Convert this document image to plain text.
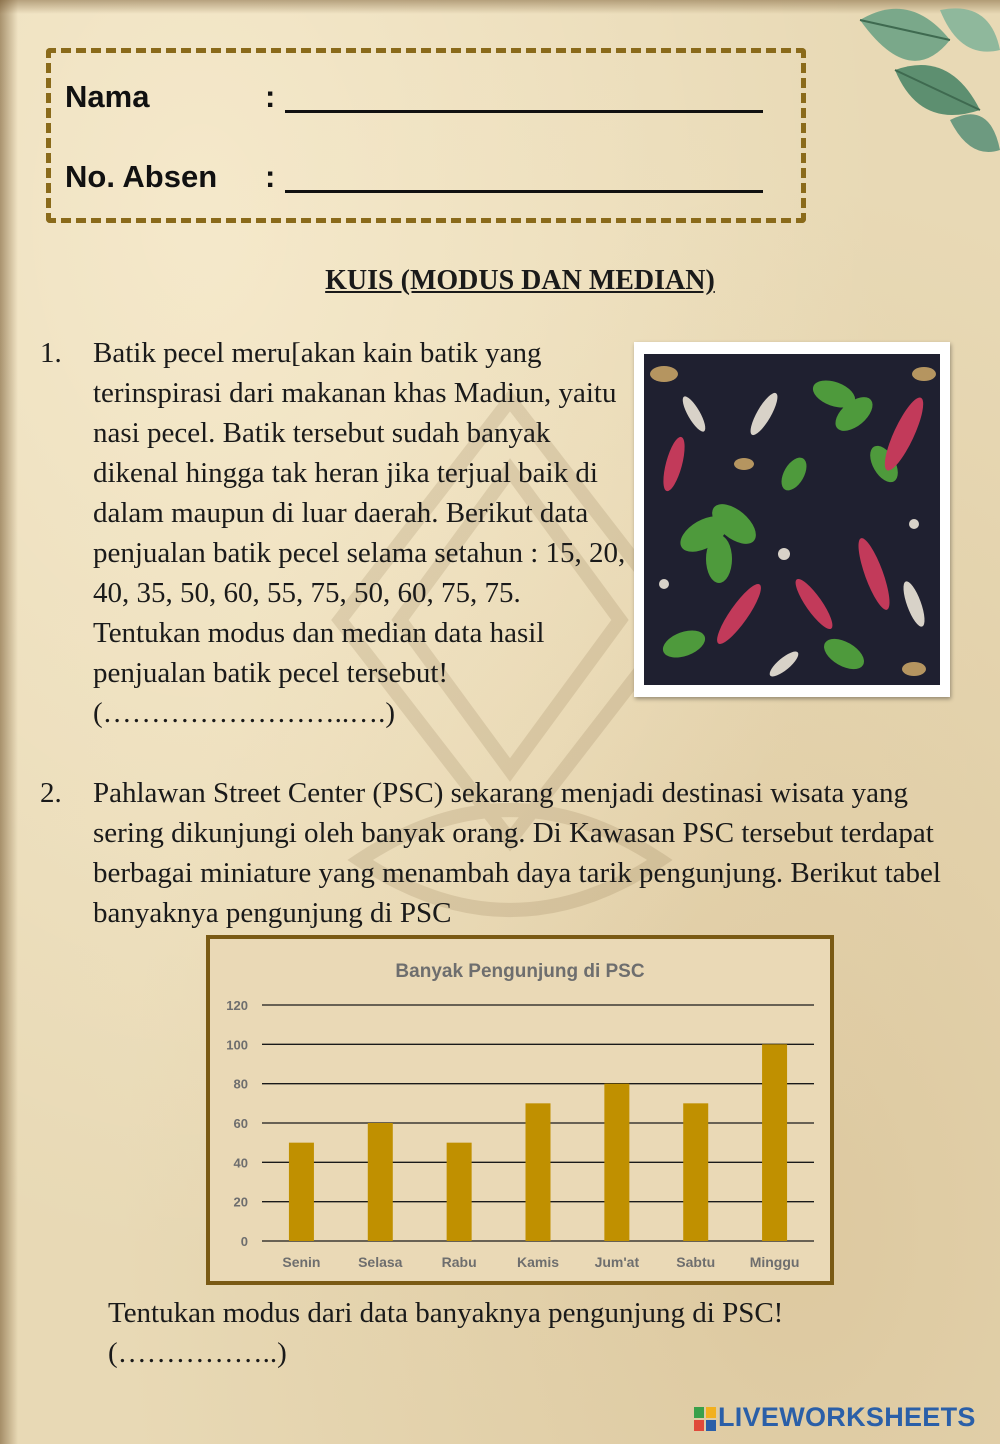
Nama	:
No. Absen :
KUIS (MODUS DAN MEDIAN)
1. Batik pecel meru[akan kain batik yang terinspirasi dari makanan khas Madiun, yaitu nasi pecel. Batik tersebut sudah banyak dikenal hingga tak heran jika terjual baik di dalam maupun di luar daerah. Berikut data penjualan batik pecel selama setahun : 15, 20, 40, 35, 50, 60, 55, 75, 50, 60, 75, 75. Tentukan modus dan median data hasil penjualan batik pecel tersebut!
(……………………..….)
2. Pahlawan Street Center (PSC) sekarang menjadi destinasi wisata yang sering dikunjungi oleh banyak orang. Di Kawasan PSC tersebut terdapat berbagai miniature yang menambah daya tarik pengunjung. Berikut tabel banyaknya pengunjung di PSC
Banyak Pengunjung di PSC
0
20
40
60
80
100
120
Senin	Selasa	Rabu	Kamis	Jum'at	Sabtu Minggu
Tentukan modus dari data banyaknya pengunjung di PSC!
(……………..)
LIVEWORKSHEETS
